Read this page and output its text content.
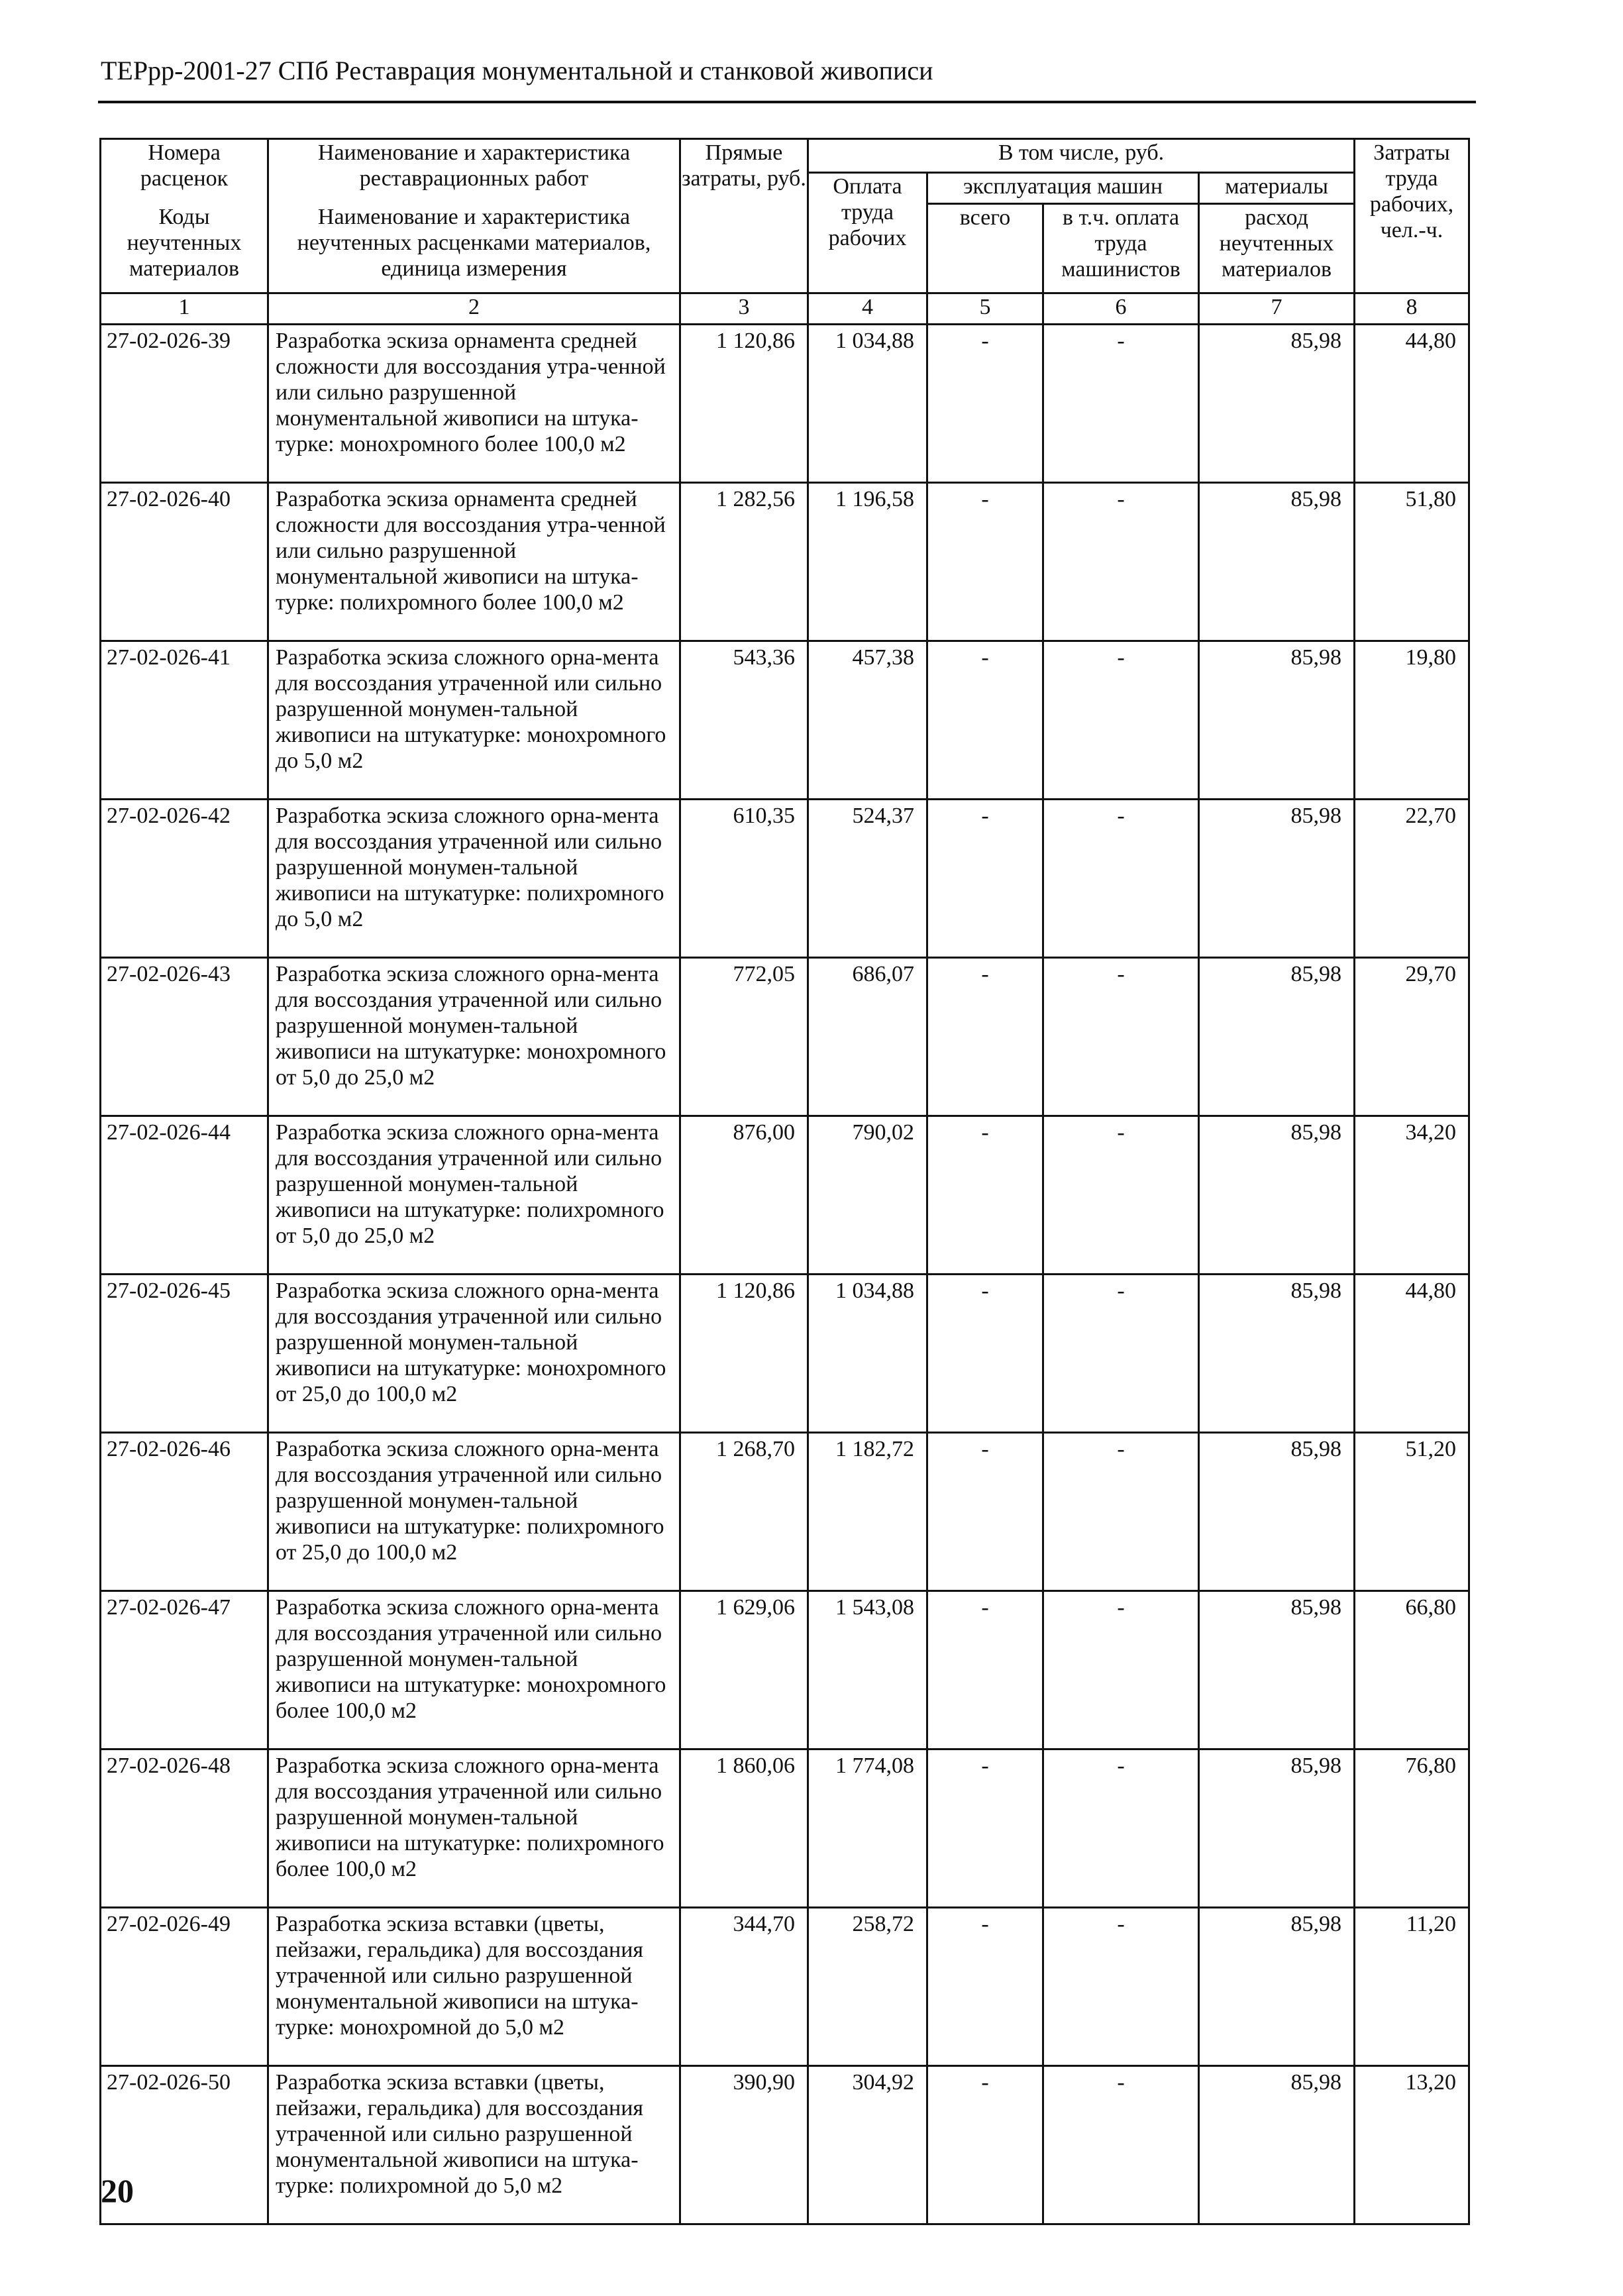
ТЕРрр-2001-27 СПб Реставрация монументальной и станковой живописи
Номера расценок	Наименование и характеристика реставрационных работ	Прямые затраты, руб.	В том числе, руб.				Затраты труда рабочих, чел.-ч.
			Оплата труда рабочих	эксплуатация машин		материалы	
Коды неучтенных материалов	Наименование и характеристика неучтенных расценками материалов, единица измерения			всего	в т.ч. оплата труда машинистов	расход неучтенных материалов	
1	2	3	4	5	6	7	8
27-02-026-39	Разработка эскиза орнамента средней сложности для воссоздания утра-ченной или сильно разрушенной монументальной живописи на штука-турке: монохромного более 100,0 м2	1 120,86	1 034,88	-	-	85,98	44,80
27-02-026-40	Разработка эскиза орнамента средней сложности для воссоздания утра-ченной или сильно разрушенной монументальной живописи на штука-турке: полихромного более 100,0 м2	1 282,56	1 196,58	-	-	85,98	51,80
27-02-026-41	Разработка эскиза сложного орна-мента для воссоздания утраченной или сильно разрушенной монумен-тальной живописи на штукатурке: монохромного до 5,0 м2	543,36	457,38	-	-	85,98	19,80
27-02-026-42	Разработка эскиза сложного орна-мента для воссоздания утраченной или сильно разрушенной монумен-тальной живописи на штукатурке: полихромного до 5,0 м2	610,35	524,37	-	-	85,98	22,70
27-02-026-43	Разработка эскиза сложного орна-мента для воссоздания утраченной или сильно разрушенной монумен-тальной живописи на штукатурке: монохромного от 5,0 до 25,0 м2	772,05	686,07	-	-	85,98	29,70
27-02-026-44	Разработка эскиза сложного орна-мента для воссоздания утраченной или сильно разрушенной монумен-тальной живописи на штукатурке: полихромного от 5,0 до 25,0 м2	876,00	790,02	-	-	85,98	34,20
27-02-026-45	Разработка эскиза сложного орна-мента для воссоздания утраченной или сильно разрушенной монумен-тальной живописи на штукатурке: монохромного от 25,0 до 100,0 м2	1 120,86	1 034,88	-	-	85,98	44,80
27-02-026-46	Разработка эскиза сложного орна-мента для воссоздания утраченной или сильно разрушенной монумен-тальной живописи на штукатурке: полихромного от 25,0 до 100,0 м2	1 268,70	1 182,72	-	-	85,98	51,20
27-02-026-47	Разработка эскиза сложного орна-мента для воссоздания утраченной или сильно разрушенной монумен-тальной живописи на штукатурке: монохромного более 100,0 м2	1 629,06	1 543,08	-	-	85,98	66,80
27-02-026-48	Разработка эскиза сложного орна-мента для воссоздания утраченной или сильно разрушенной монумен-тальной живописи на штукатурке: полихромного более 100,0 м2	1 860,06	1 774,08	-	-	85,98	76,80
27-02-026-49	Разработка эскиза вставки (цветы, пейзажи, геральдика) для воссоздания утраченной или сильно разрушенной монументальной живописи на штука-турке: монохромной до 5,0 м2	344,70	258,72	-	-	85,98	11,20
27-02-026-50	Разработка эскиза вставки (цветы, пейзажи, геральдика) для воссоздания утраченной или сильно разрушенной монументальной живописи на штука-турке: полихромной до 5,0 м2	390,90	304,92	-	-	85,98	13,20
20
